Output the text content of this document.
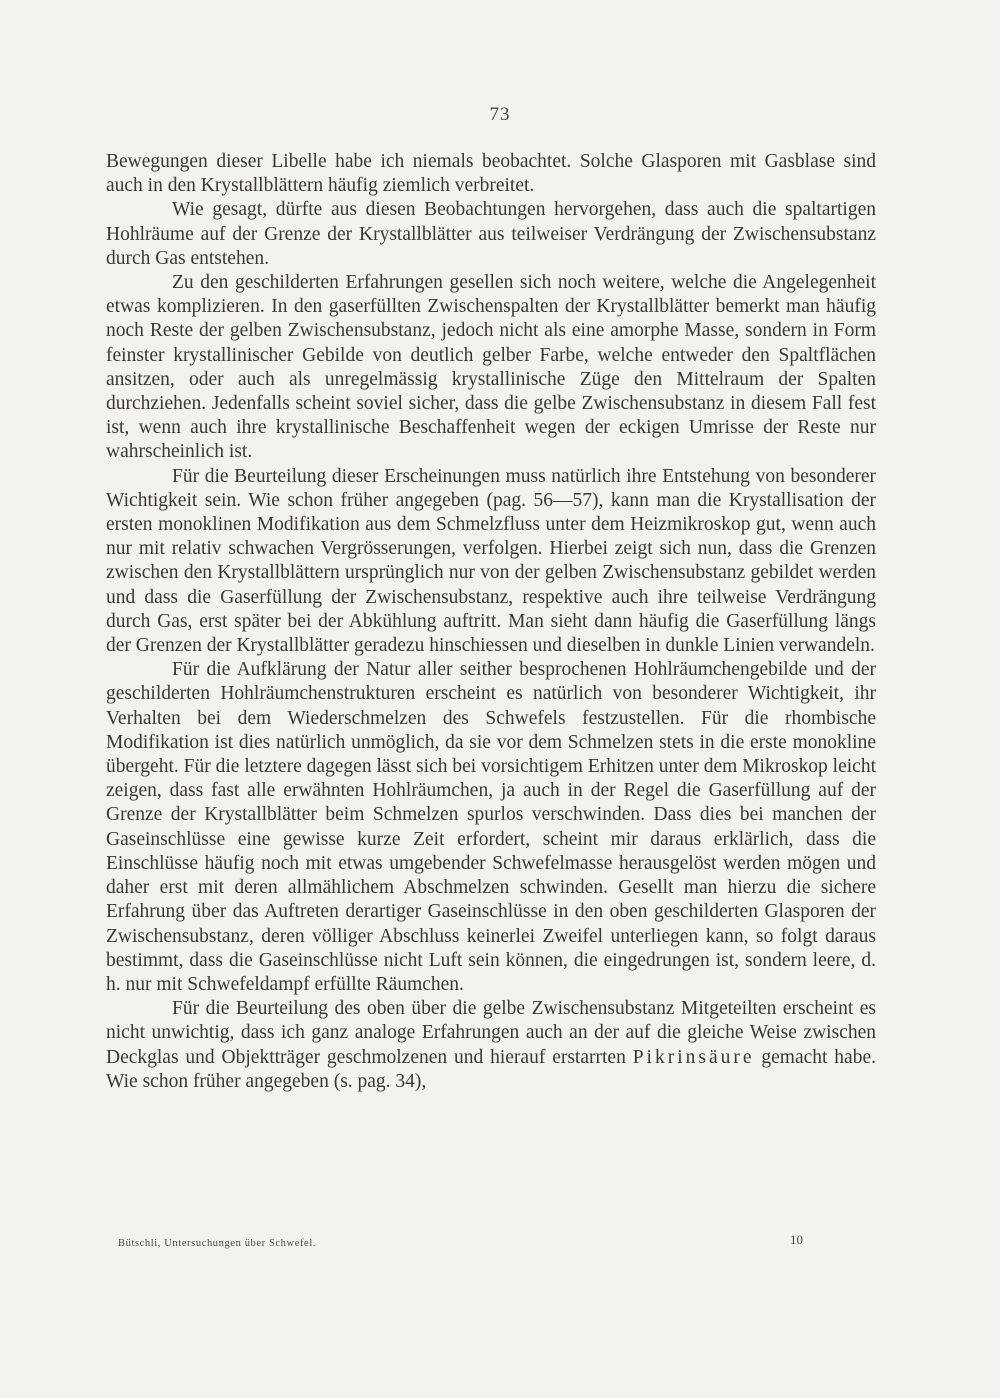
73

Bewegungen dieser Libelle habe ich niemals beobachtet. Solche Glasporen mit Gasblase sind auch in den Krystallblättern häufig ziemlich verbreitet.

Wie gesagt, dürfte aus diesen Beobachtungen hervorgehen, dass auch die spaltartigen Hohlräume auf der Grenze der Krystallblätter aus teilweiser Verdrängung der Zwischensubstanz durch Gas entstehen.

Zu den geschilderten Erfahrungen gesellen sich noch weitere, welche die Angelegenheit etwas komplizieren. In den gaserfüllten Zwischenspalten der Krystallblätter bemerkt man häufig noch Reste der gelben Zwischensubstanz, jedoch nicht als eine amorphe Masse, sondern in Form feinster krystallinischer Gebilde von deutlich gelber Farbe, welche entweder den Spaltflächen ansitzen, oder auch als unregelmässig krystallinische Züge den Mittelraum der Spalten durchziehen. Jedenfalls scheint soviel sicher, dass die gelbe Zwischensubstanz in diesem Fall fest ist, wenn auch ihre krystallinische Beschaffenheit wegen der eckigen Umrisse der Reste nur wahrscheinlich ist.

Für die Beurteilung dieser Erscheinungen muss natürlich ihre Entstehung von besonderer Wichtigkeit sein. Wie schon früher angegeben (pag. 56—57), kann man die Krystallisation der ersten monoklinen Modifikation aus dem Schmelzfluss unter dem Heizmikroskop gut, wenn auch nur mit relativ schwachen Vergrösserungen, verfolgen. Hierbei zeigt sich nun, dass die Grenzen zwischen den Krystallblättern ursprünglich nur von der gelben Zwischensubstanz gebildet werden und dass die Gaserfüllung der Zwischensubstanz, respektive auch ihre teilweise Verdrängung durch Gas, erst später bei der Abkühlung auftritt. Man sieht dann häufig die Gaserfüllung längs der Grenzen der Krystallblätter geradezu hinschiessen und dieselben in dunkle Linien verwandeln.

Für die Aufklärung der Natur aller seither besprochenen Hohlräumchengebilde und der geschilderten Hohlräumchenstrukturen erscheint es natürlich von besonderer Wichtigkeit, ihr Verhalten bei dem Wiederschmelzen des Schwefels festzustellen. Für die rhombische Modifikation ist dies natürlich unmöglich, da sie vor dem Schmelzen stets in die erste monokline übergeht. Für die letztere dagegen lässt sich bei vorsichtigem Erhitzen unter dem Mikroskop leicht zeigen, dass fast alle erwähnten Hohlräumchen, ja auch in der Regel die Gaserfüllung auf der Grenze der Krystallblätter beim Schmelzen spurlos verschwinden. Dass dies bei manchen der Gaseinschlüsse eine gewisse kurze Zeit erfordert, scheint mir daraus erklärlich, dass die Einschlüsse häufig noch mit etwas umgebender Schwefelmasse herausgelöst werden mögen und daher erst mit deren allmählichem Abschmelzen schwinden. Gesellt man hierzu die sichere Erfahrung über das Auftreten derartiger Gaseinschlüsse in den oben geschilderten Glasporen der Zwischensubstanz, deren völliger Abschluss keinerlei Zweifel unterliegen kann, so folgt daraus bestimmt, dass die Gaseinschlüsse nicht Luft sein können, die eingedrungen ist, sondern leere, d. h. nur mit Schwefeldampf erfüllte Räumchen.

Für die Beurteilung des oben über die gelbe Zwischensubstanz Mitgeteilten erscheint es nicht unwichtig, dass ich ganz analoge Erfahrungen auch an der auf die gleiche Weise zwischen Deckglas und Objektträger geschmolzenen und hierauf erstarrten Pikrinsäure gemacht habe. Wie schon früher angegeben (s. pag. 34),

Bütschli, Untersuchungen über Schwefel.	10
